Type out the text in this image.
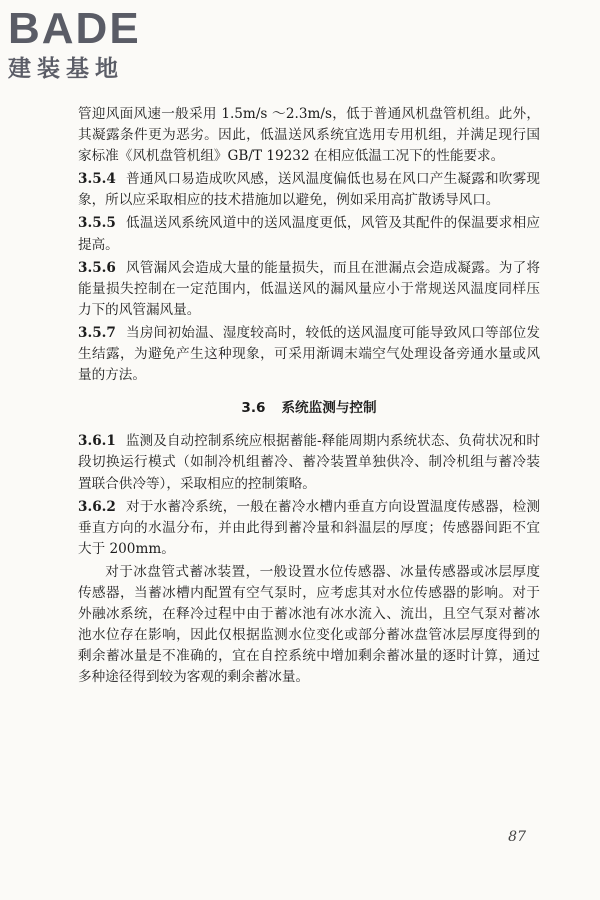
BADE
建装基地

管迎风面风速一般采用 1.5m/s ～2.3m/s，低于普通风机盘管机组。此外，其凝露条件更为恶劣。因此，低温送风系统宜选用专用机组，并满足现行国家标准《风机盘管机组》GB/T 19232 在相应低温工况下的性能要求。

3.5.4 普通风口易造成吹风感，送风温度偏低也易在风口产生凝露和吹雾现象，所以应采取相应的技术措施加以避免，例如采用高扩散诱导风口。

3.5.5 低温送风系统风道中的送风温度更低，风管及其配件的保温要求相应提高。

3.5.6 风管漏风会造成大量的能量损失，而且在泄漏点会造成凝露。为了将能量损失控制在一定范围内，低温送风的漏风量应小于常规送风温度同样压力下的风管漏风量。

3.5.7 当房间初始温、湿度较高时，较低的送风温度可能导致风口等部位发生结露，为避免产生这种现象，可采用渐调末端空气处理设备旁通水量或风量的方法。

3.6 系统监测与控制

3.6.1 监测及自动控制系统应根据蓄能-释能周期内系统状态、负荷状况和时段切换运行模式（如制冷机组蓄冷、蓄冷装置单独供冷、制冷机组与蓄冷装置联合供冷等），采取相应的控制策略。

3.6.2 对于水蓄冷系统，一般在蓄冷水槽内垂直方向设置温度传感器，检测垂直方向的水温分布，并由此得到蓄冷量和斜温层的厚度；传感器间距不宜大于 200mm。

对于冰盘管式蓄冰装置，一般设置水位传感器、冰量传感器或冰层厚度传感器，当蓄冰槽内配置有空气泵时，应考虑其对水位传感器的影响。对于外融冰系统，在释冷过程中由于蓄冰池有冰水流入、流出，且空气泵对蓄冰池水位存在影响，因此仅根据监测水位变化或部分蓄冰盘管冰层厚度得到的剩余蓄冰量是不准确的，宜在自控系统中增加剩余蓄冰量的逐时计算，通过多种途径得到较为客观的剩余蓄冰量。

87
